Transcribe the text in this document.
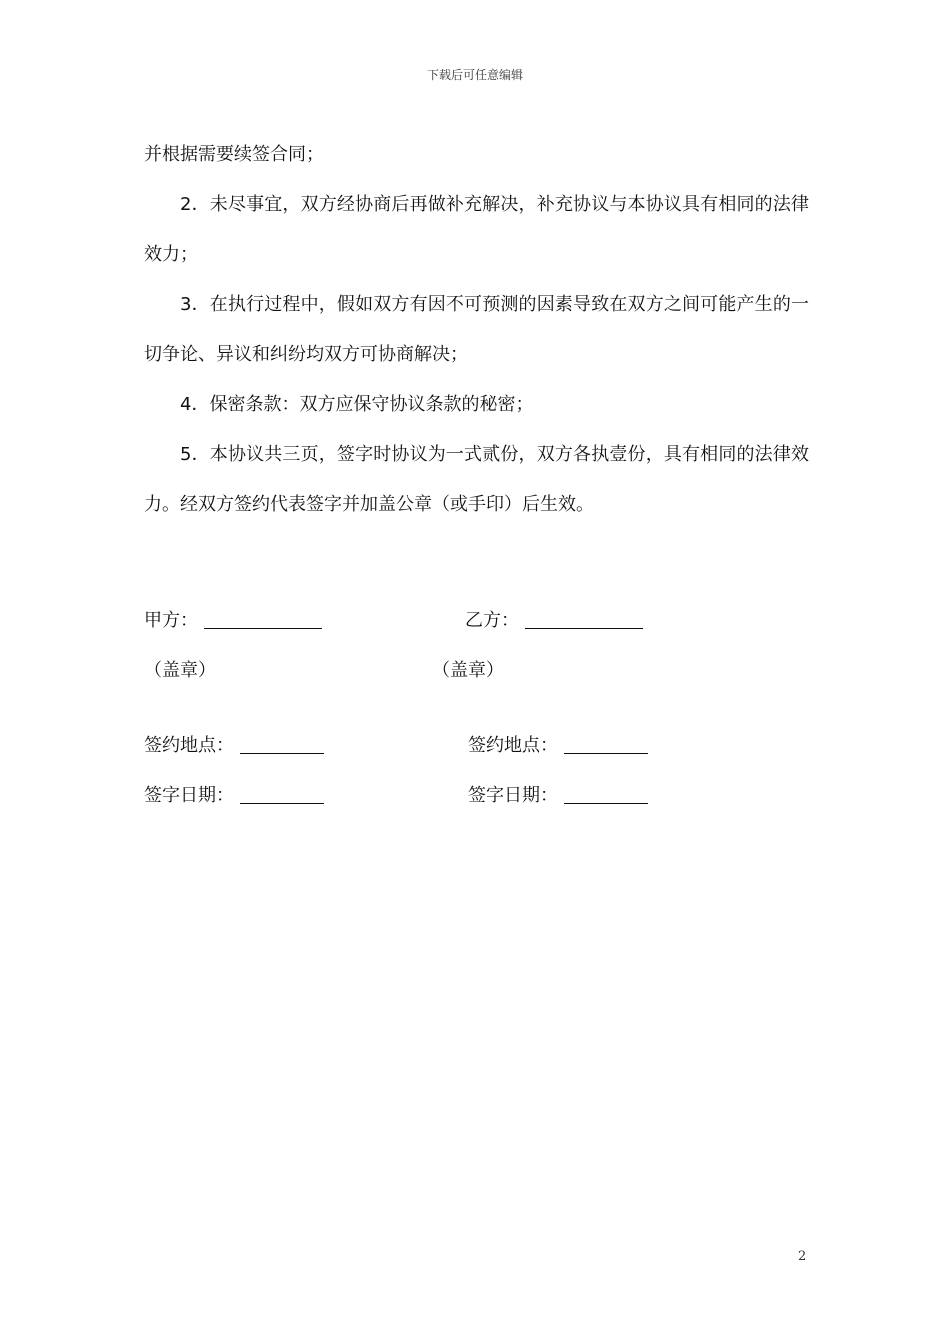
下载后可任意编辑

并根据需要续签合同；

2．未尽事宜，双方经协商后再做补充解决，补充协议与本协议具有相同的法律效力；

3．在执行过程中，假如双方有因不可预测的因素导致在双方之间可能产生的一切争论、异议和纠纷均双方可协商解决；

4．保密条款：双方应保守协议条款的秘密；

5．本协议共三页，签字时协议为一式贰份，双方各执壹份，具有相同的法律效力。经双方签约代表签字并加盖公章（或手印）后生效。

甲方：	乙方：
（盖章）	（盖章）
签约地点：	签约地点：
签字日期：	签字日期：
2
